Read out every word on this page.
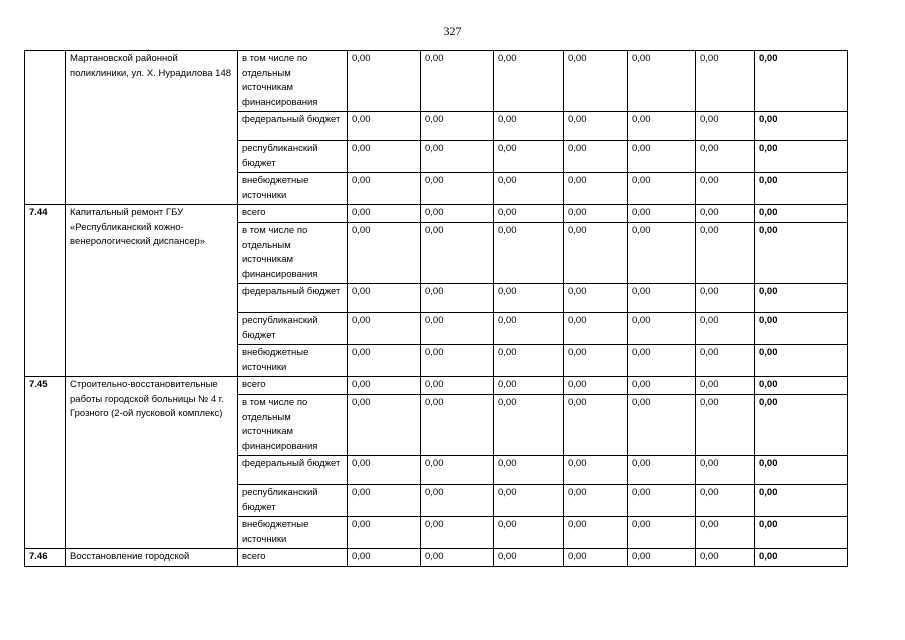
327
	Мартановской районной поликлиники, ул. Х. Нурадилова 148	в том числе по отдельным источникам финансирования	0,00	0,00	0,00	0,00	0,00	0,00	0,00
		федеральный бюджет	0,00	0,00	0,00	0,00	0,00	0,00	0,00
		республиканский бюджет	0,00	0,00	0,00	0,00	0,00	0,00	0,00
		внебюджетные источники	0,00	0,00	0,00	0,00	0,00	0,00	0,00
7.44	Капитальный ремонт ГБУ «Республиканский кожно-венерологический диспансер»	всего	0,00	0,00	0,00	0,00	0,00	0,00	0,00
		в том числе по отдельным источникам финансирования	0,00	0,00	0,00	0,00	0,00	0,00	0,00
		федеральный бюджет	0,00	0,00	0,00	0,00	0,00	0,00	0,00
		республиканский бюджет	0,00	0,00	0,00	0,00	0,00	0,00	0,00
		внебюджетные источники	0,00	0,00	0,00	0,00	0,00	0,00	0,00
7.45	Строительно-восстановительные работы городской больницы № 4 г. Грозного (2-ой пусковой комплекс)	всего	0,00	0,00	0,00	0,00	0,00	0,00	0,00
		в том числе по отдельным источникам финансирования	0,00	0,00	0,00	0,00	0,00	0,00	0,00
		федеральный бюджет	0,00	0,00	0,00	0,00	0,00	0,00	0,00
		республиканский бюджет	0,00	0,00	0,00	0,00	0,00	0,00	0,00
		внебюджетные источники	0,00	0,00	0,00	0,00	0,00	0,00	0,00
7.46	Восстановление городской	всего	0,00	0,00	0,00	0,00	0,00	0,00	0,00
